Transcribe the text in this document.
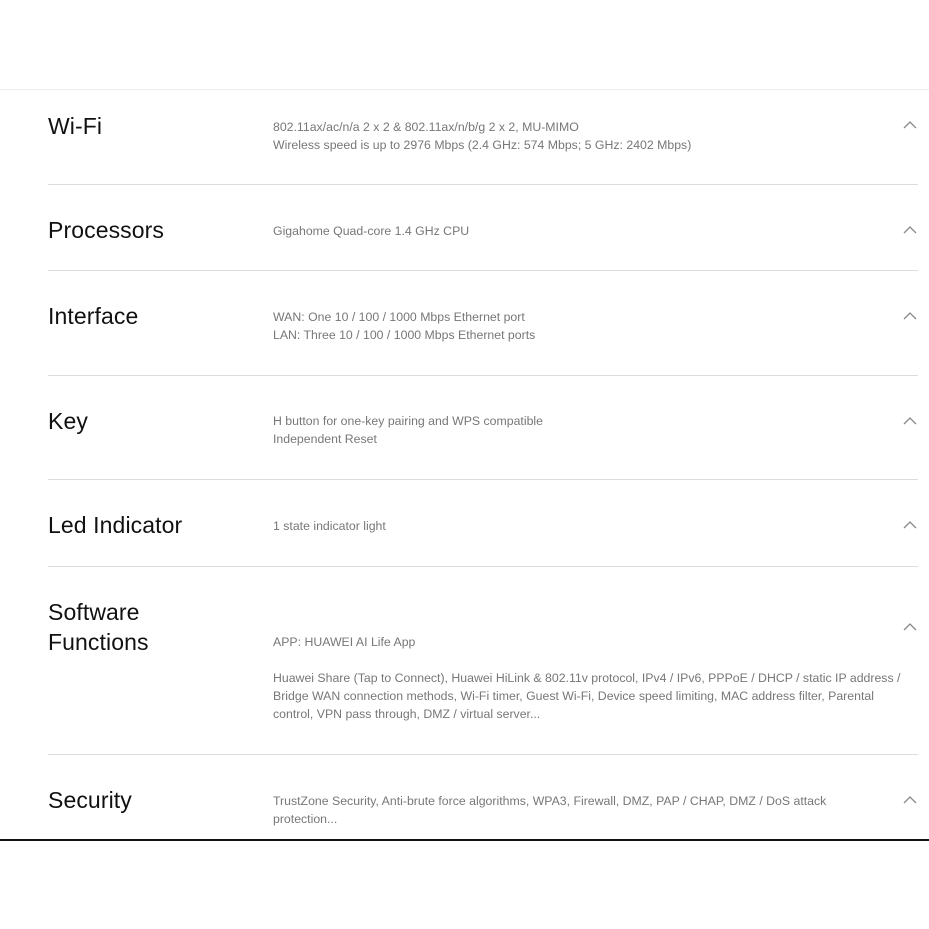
Wi-Fi	802.11ax/ac/n/a 2 x 2 & 802.11ax/n/b/g 2 x 2, MU-MIMO

Wireless speed is up to 2976 Mbps (2.4 GHz: 574 Mbps; 5 GHz: 2402 Mbps)

Processors	Gigahome Quad-core 1.4 GHz CPU

Interface	WAN: One 10 / 100 / 1000 Mbps Ethernet port

LAN: Three 10 / 100 / 1000 Mbps Ethernet ports

Key	H button for one-key pairing and WPS compatible

Independent Reset

Led Indicator	1 state indicator light

Software
Functions	APP: HUAWEI AI Life App

Huawei Share (Tap to Connect), Huawei HiLink & 802.11v protocol, IPv4 / IPv6, PPPoE / DHCP / static IP address / Bridge WAN connection methods, Wi-Fi timer, Guest Wi-Fi, Device speed limiting, MAC address filter, Parental control, VPN pass through, DMZ / virtual server...

Security	TrustZone Security, Anti-brute force algorithms, WPA3, Firewall, DMZ, PAP / CHAP, DMZ / DoS attack protection...
